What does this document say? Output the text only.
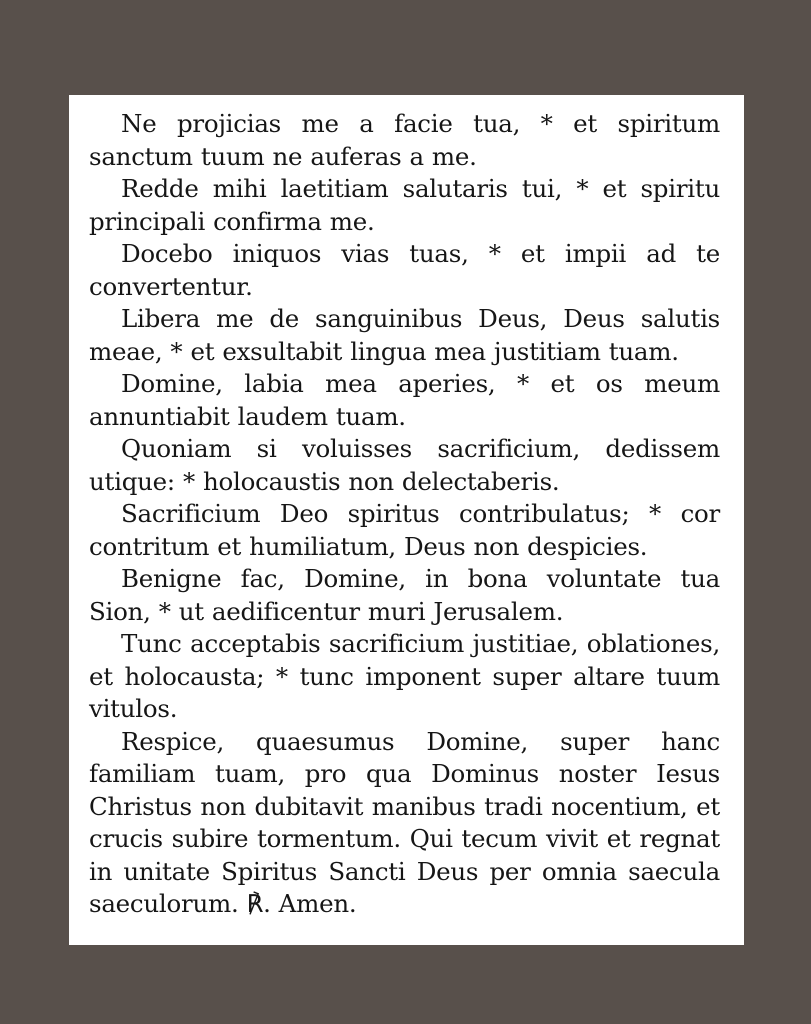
Ne projicias me a facie tua, * et spiritum sanctum tuum ne auferas a me.

Redde mihi laetitiam salutaris tui, * et spiritu principali confirma me.

Docebo iniquos vias tuas, * et impii ad te convertentur.

Libera me de sanguinibus Deus, Deus salutis meae, * et exsultabit lingua mea justitiam tuam.

Domine, labia mea aperies, * et os meum annuntiabit laudem tuam.

Quoniam si voluisses sacrificium, dedissem utique: * holocaustis non delectaberis.

Sacrificium Deo spiritus contribulatus; * cor contritum et humiliatum, Deus non despicies.

Benigne fac, Domine, in bona voluntate tua Sion, * ut aedificentur muri Jerusalem.

Tunc acceptabis sacrificium justitiae, oblationes, et holocausta; * tunc imponent super altare tuum vitulos.

Respice, quaesumus Domine, super hanc familiam tuam, pro qua Dominus noster Iesus Christus non dubitavit manibus tradi nocentium, et crucis subire tormentum. Qui tecum vivit et regnat in unitate Spiritus Sancti Deus per omnia saecula saeculorum. ℟. Amen.
